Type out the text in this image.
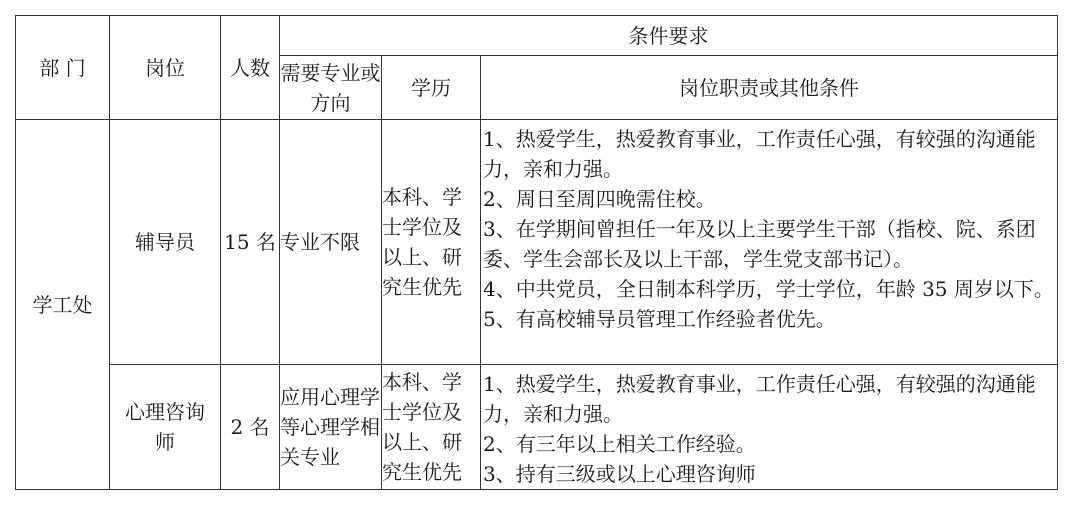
部 门	岗位	人数	条件要求		
			需要专业或方向	学历	岗位职责或其他条件
学工处	辅导员	15 名	专业不限	本科、学士学位及以上、研究生优先	1、热爱学生，热爱教育事业，工作责任心强，有较强的沟通能力，亲和力强。
2、周日至周四晚需住校。
3、在学期间曾担任一年及以上主要学生干部（指校、院、系团委、学生会部长及以上干部，学生党支部书记）。
4、中共党员，全日制本科学历，学士学位，年龄 35 周岁以下。
5、有高校辅导员管理工作经验者优先。

	心理咨询师	2 名	应用心理学等心理学相关专业	本科、学士学位及以上、研究生优先	1、热爱学生，热爱教育事业，工作责任心强，有较强的沟通能力，亲和力强。
2、有三年以上相关工作经验。
3、持有三级或以上心理咨询师
